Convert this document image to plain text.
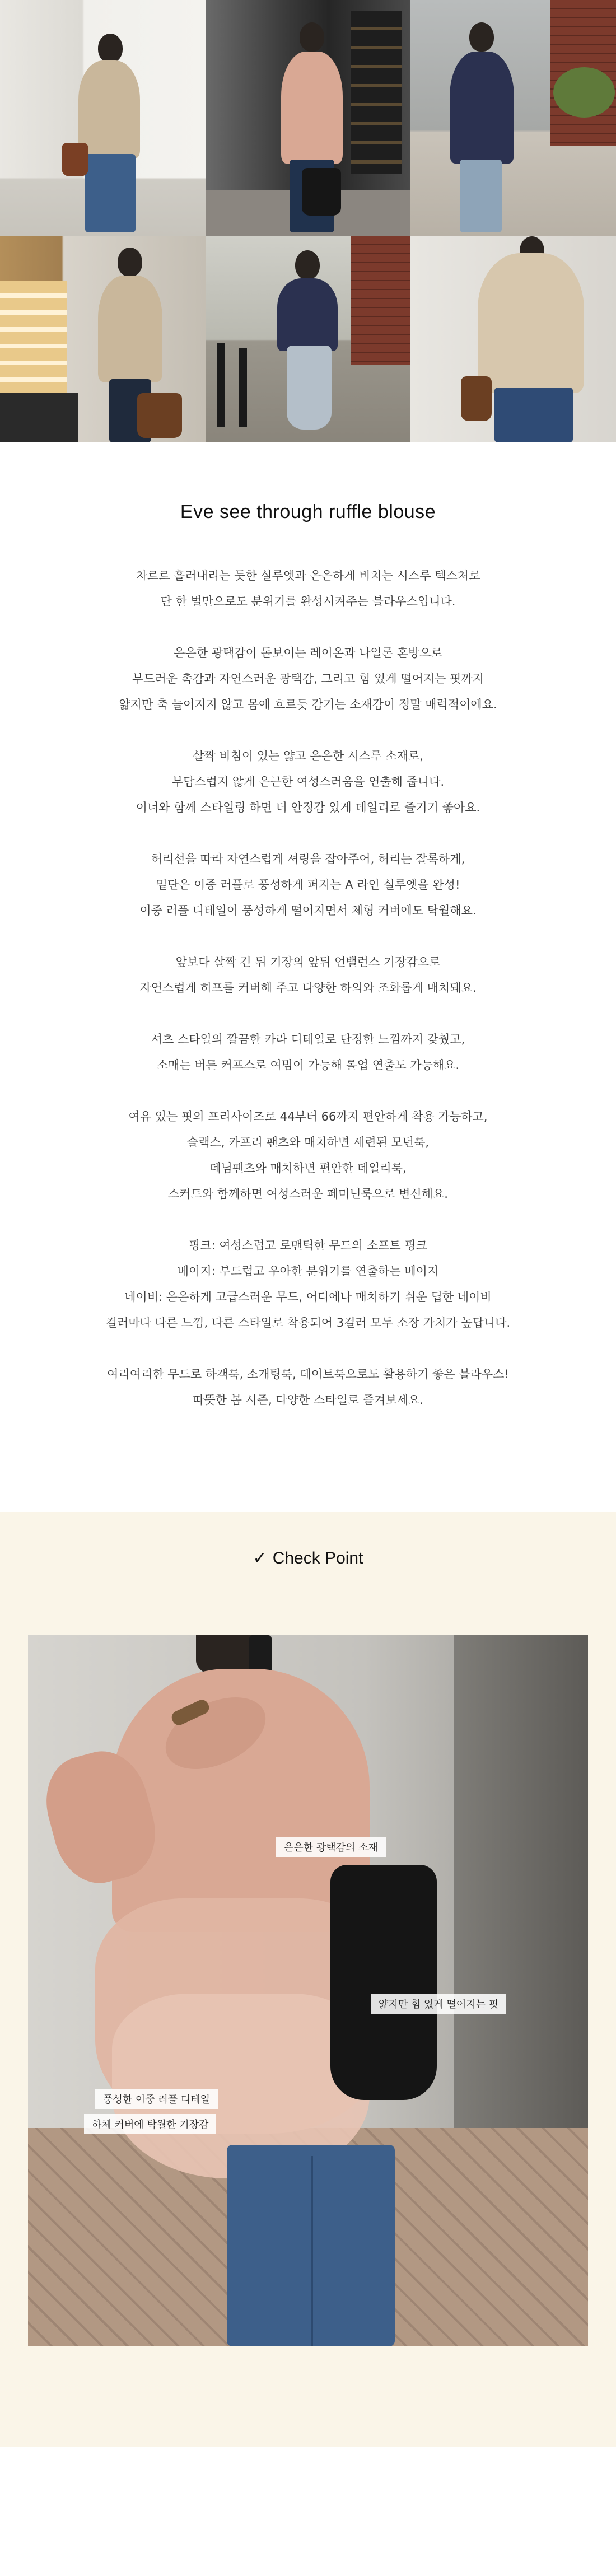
Eve see through ruffle blouse

차르르 흘러내리는 듯한 실루엣과 은은하게 비치는 시스루 텍스처로
단 한 벌만으로도 분위기를 완성시켜주는 블라우스입니다.

은은한 광택감이 돋보이는 레이온과 나일론 혼방으로
부드러운 촉감과 자연스러운 광택감, 그리고 힘 있게 떨어지는 핏까지
얇지만 축 늘어지지 않고 몸에 흐르듯 감기는 소재감이 정말 매력적이에요.

살짝 비침이 있는 얇고 은은한 시스루 소재로,
부담스럽지 않게 은근한 여성스러움을 연출해 줍니다.
이너와 함께 스타일링 하면 더 안정감 있게 데일리로 즐기기 좋아요.

허리선을 따라 자연스럽게 셔링을 잡아주어, 허리는 잘록하게,
밑단은 이중 러플로 풍성하게 퍼지는 A 라인 실루엣을 완성!
이중 러플 디테일이 풍성하게 떨어지면서 체형 커버에도 탁월해요.

앞보다 살짝 긴 뒤 기장의 앞뒤 언밸런스 기장감으로
자연스럽게 히프를 커버해 주고 다양한 하의와 조화롭게 매치돼요.

셔츠 스타일의 깔끔한 카라 디테일로 단정한 느낌까지 갖췄고,
소매는 버튼 커프스로 여밈이 가능해 롤업 연출도 가능해요.

여유 있는 핏의 프리사이즈로 44부터 66까지 편안하게 착용 가능하고,
슬랙스, 카프리 팬츠와 매치하면 세련된 모던룩,
데님팬츠와 매치하면 편안한 데일리룩,
스커트와 함께하면 여성스러운 페미닌룩으로 변신해요.

핑크: 여성스럽고 로맨틱한 무드의 소프트 핑크
베이지: 부드럽고 우아한 분위기를 연출하는 베이지
네이비: 은은하게 고급스러운 무드, 어디에나 매치하기 쉬운 딥한 네이비
컬러마다 다른 느낌, 다른 스타일로 착용되어 3컬러 모두 소장 가치가 높답니다.

여리여리한 무드로 하객룩, 소개팅룩, 데이트룩으로도 활용하기 좋은 블라우스!
따뜻한 봄 시즌, 다양한 스타일로 즐겨보세요.

✓ Check Point
은은한 광택감의 소재
얇지만 힘 있게 떨어지는 핏
풍성한 이중 러플 디테일
하체 커버에 탁월한 기장감
